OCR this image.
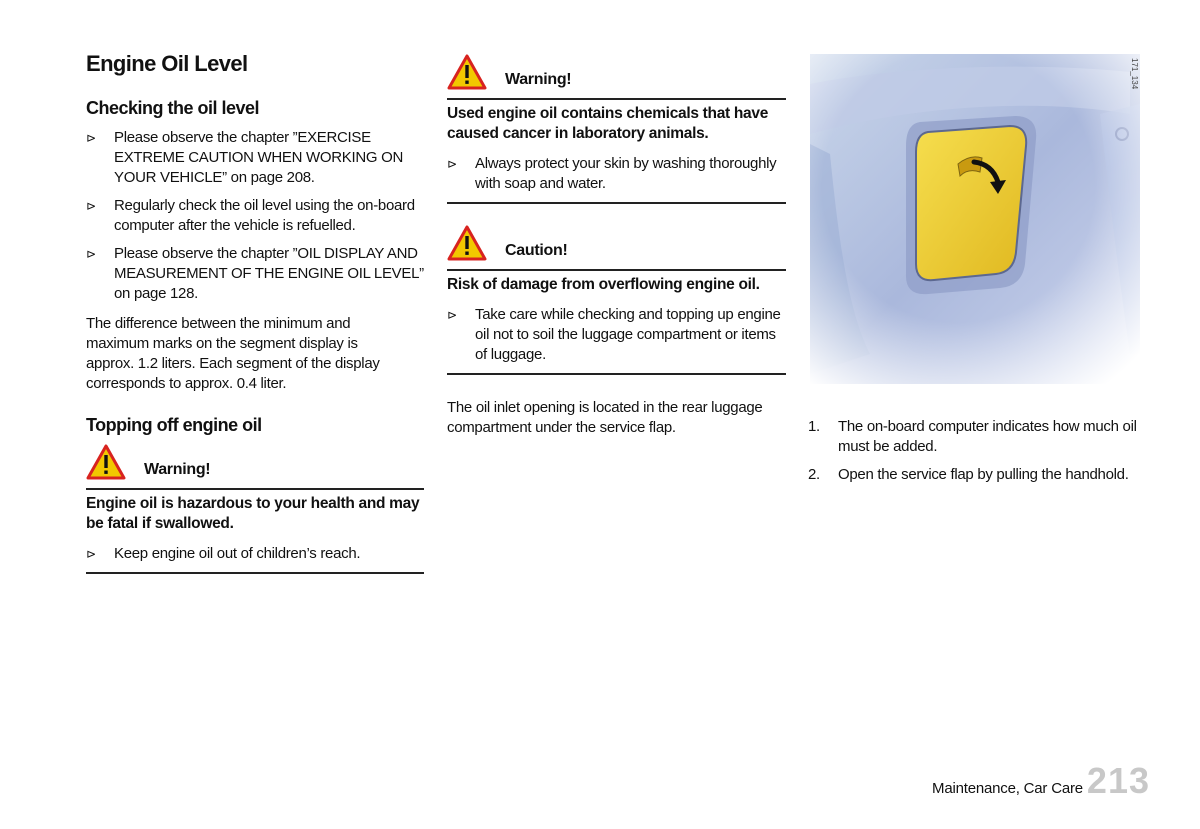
Engine Oil Level
Checking the oil level
⊳	Please observe the chapter ”EXERCISE EXTREME CAUTION WHEN WORKING ON YOUR VEHICLE” on page 208.
⊳	Regularly check the oil level using the on-board computer after the vehicle is refuelled.
⊳	Please observe the chapter ”OIL DISPLAY AND MEASUREMENT OF THE ENGINE OIL LEVEL” on page 128.

The difference between the minimum and maximum marks on the segment display is approx. 1.2 liters. Each segment of the display corresponds to approx. 0.4 liter.

Topping off engine oil
Warning!
Engine oil is hazardous to your health and may be fatal if swallowed.
⊳ Keep engine oil out of children’s reach.
Warning!
Used engine oil contains chemicals that have caused cancer in laboratory animals.
⊳ Always protect your skin by washing thoroughly with soap and water.
Caution!
Risk of damage from overflowing engine oil.
⊳ Take care while checking and topping up engine oil not to soil the luggage compartment or items of luggage.

The oil inlet opening is located in the rear luggage compartment under the service flap.

171_134
1. The on-board computer indicates how much oil must be added.
2. Open the service flap by pulling the handhold.
Maintenance, Car Care 213
